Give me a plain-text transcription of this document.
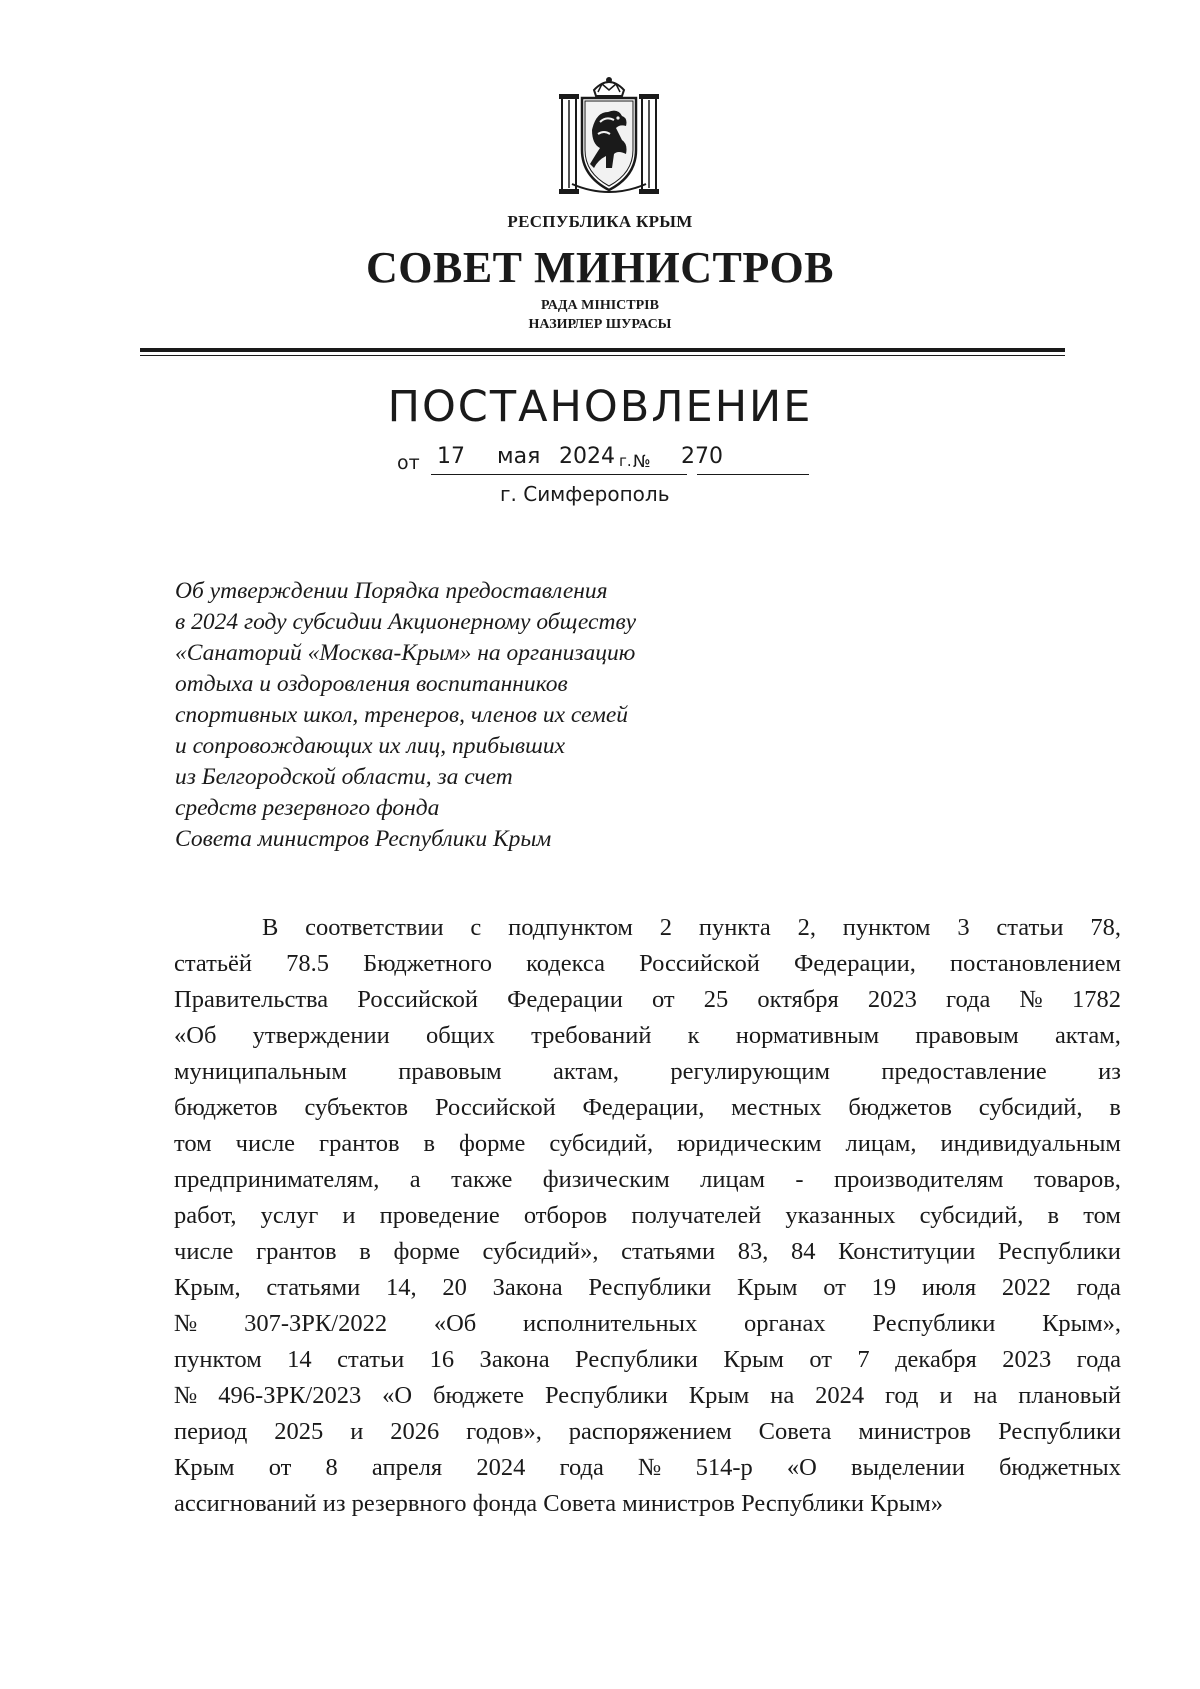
РЕСПУБЛИКА КРЫМ
СОВЕТ МИНИСТРОВ
РАДА МІНІСТРІВ
НАЗИРЛЕР ШУРАСЫ
ПОСТАНОВЛЕНИЕ
от 17 мая 2024 г. № 270
г. Симферополь
Об утверждении Порядка предоставления
в 2024 году субсидии Акционерному обществу
«Санаторий «Москва-Крым» на организацию
отдыха и оздоровления воспитанников
спортивных школ, тренеров, членов их семей
и сопровождающих их лиц, прибывших
из Белгородской области, за счет
средств резервного фонда
Совета министров Республики Крым
В соответствии с подпунктом 2 пункта 2, пунктом 3 статьи 78,
статьёй 78.5 Бюджетного кодекса Российской Федерации, постановлением
Правительства Российской Федерации от 25 октября 2023 года № 1782
«Об утверждении общих требований к нормативным правовым актам,
муниципальным правовым актам, регулирующим предоставление из
бюджетов субъектов Российской Федерации, местных бюджетов субсидий, в
том числе грантов в форме субсидий, юридическим лицам, индивидуальным
предпринимателям, а также физическим лицам - производителям товаров,
работ, услуг и проведение отборов получателей указанных субсидий, в том
числе грантов в форме субсидий», статьями 83, 84 Конституции Республики
Крым, статьями 14, 20 Закона Республики Крым от 19 июля 2022 года
№ 307-ЗРК/2022 «Об исполнительных органах Республики Крым»,
пунктом 14 статьи 16 Закона Республики Крым от 7 декабря 2023 года
№ 496-ЗРК/2023 «О бюджете Республики Крым на 2024 год и на плановый
период 2025 и 2026 годов», распоряжением Совета министров Республики
Крым от 8 апреля 2024 года № 514-р «О выделении бюджетных
ассигнований из резервного фонда Совета министров Республики Крым»
